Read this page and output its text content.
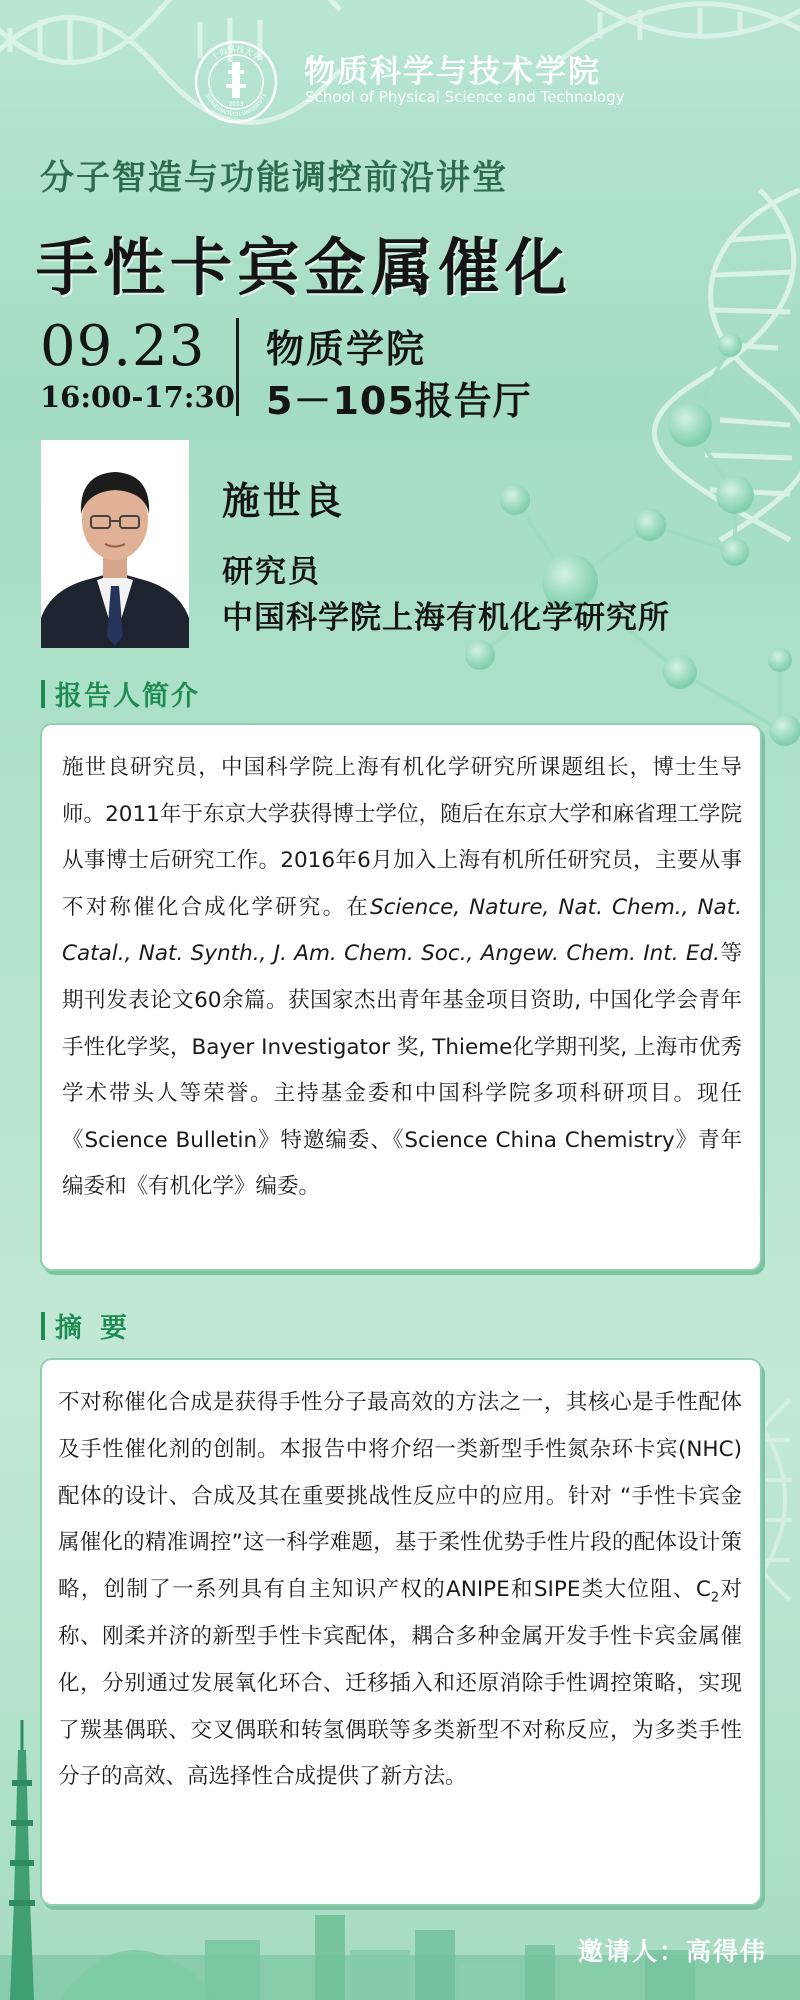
上海科技大学
SHANGHAITECH UNIVERSITY
2013
物质科学与技术学院
School of Physical Science and Technology
分子智造与功能调控前沿讲堂
手性卡宾金属催化
09.23
16:00-17:30
物质学院
5－105报告厅
施世良
研究员
中国科学院上海有机化学研究所
报告人简介

施世良研究员，中国科学院上海有机化学研究所课题组长，博士生导师。2011年于东京大学获得博士学位，随后在东京大学和麻省理工学院从事博士后研究工作。2016年6月加入上海有机所任研究员，主要从事不对称催化合成化学研究。在Science, Nature, Nat. Chem., Nat. Catal., Nat. Synth., J. Am. Chem. Soc., Angew. Chem. Int. Ed.等期刊发表论文60余篇。获国家杰出青年基金项目资助, 中国化学会青年手性化学奖，Bayer Investigator 奖, Thieme化学期刊奖, 上海市优秀学术带头人等荣誉。主持基金委和中国科学院多项科研项目。现任《Science Bulletin》特邀编委、《Science China Chemistry》青年编委和《有机化学》编委。

摘要

不对称催化合成是获得手性分子最高效的方法之一，其核心是手性配体及手性催化剂的创制。本报告中将介绍一类新型手性氮杂环卡宾(NHC)配体的设计、合成及其在重要挑战性反应中的应用。针对 “手性卡宾金属催化的精准调控”这一科学难题，基于柔性优势手性片段的配体设计策略，创制了一系列具有自主知识产权的ANIPE和SIPE类大位阻、$C_2$对称、刚柔并济的新型手性卡宾配体，耦合多种金属开发手性卡宾金属催化，分别通过发展氧化环合、迁移插入和还原消除手性调控策略，实现了羰基偶联、交叉偶联和转氢偶联等多类新型不对称反应，为多类手性分子的高效、高选择性合成提供了新方法。

邀请人：高得伟
